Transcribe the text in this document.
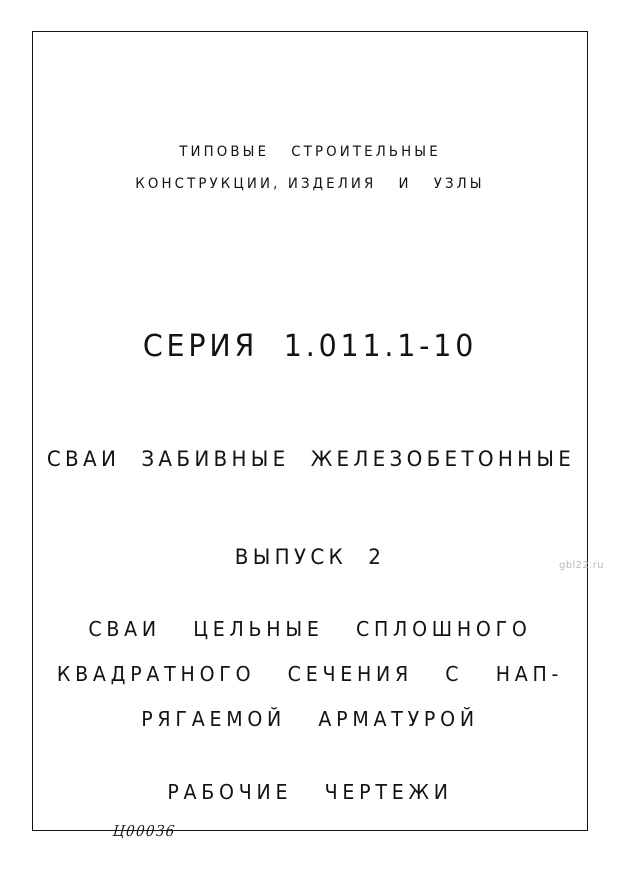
ТИПОВЫЕ   СТРОИТЕЛЬНЫЕ
КОНСТРУКЦИИ, ИЗДЕЛИЯ   И   УЗЛЫ
СЕРИЯ  1.011.1-10
СВАИ  ЗАБИВНЫЕ  ЖЕЛЕЗОБЕТОННЫЕ
ВЫПУСК  2
СВАИ   ЦЕЛЬНЫЕ   СПЛОШНОГО
КВАДРАТНОГО   СЕЧЕНИЯ   С   НАП-
РЯГАЕМОЙ   АРМАТУРОЙ
РАБОЧИЕ   ЧЕРТЕЖИ
Ц000З6
gbl22.ru
